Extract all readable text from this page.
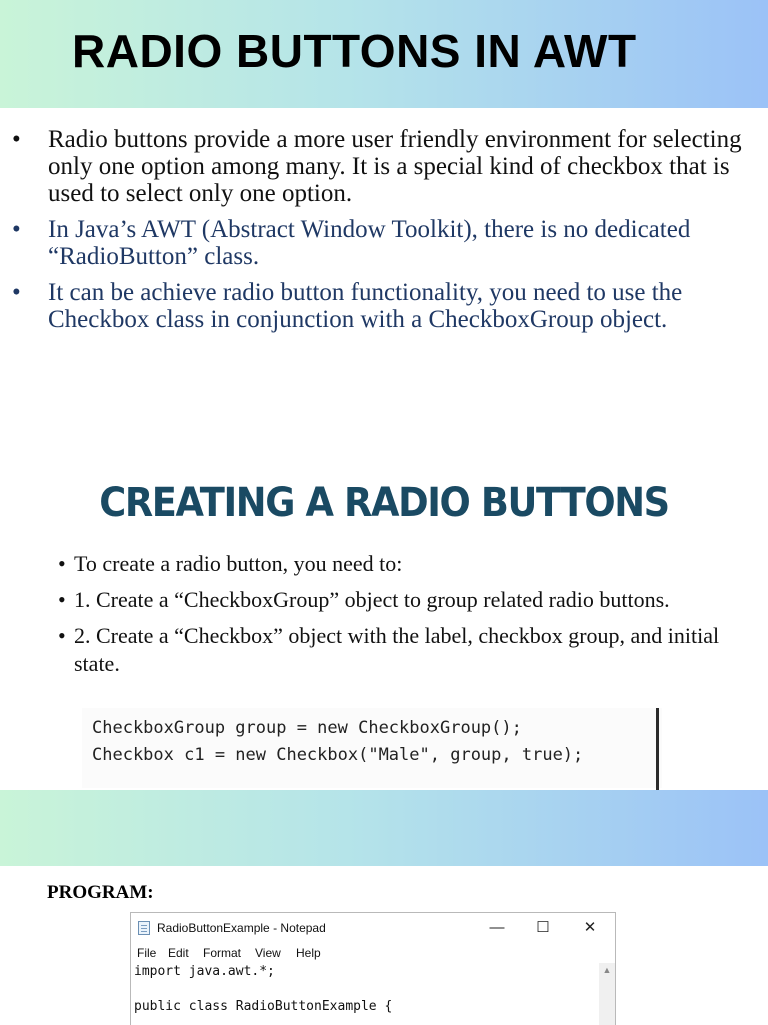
RADIO BUTTONS IN AWT
• Radio buttons provide a more user friendly environment for selecting only one option among many. It is a special kind of checkbox that is used to select only one option.
• In Java’s AWT (Abstract Window Toolkit), there is no dedicated “RadioButton” class.
• It can be achieve radio button functionality, you need to use the Checkbox class in conjunction with a CheckboxGroup object.
CREATING A RADIO BUTTONS
• To create a radio button, you need to:
• 1. Create a “CheckboxGroup” object to group related radio buttons.
• 2. Create a “Checkbox” object with the label, checkbox group, and initial state.
CheckboxGroup group = new CheckboxGroup();
Checkbox c1 = new Checkbox("Male", group, true);
PROGRAM:
RadioButtonExample - Notepad	—	☐	✕
File Edit Format View Help
import java.awt.*;
public class RadioButtonExample {
▲
